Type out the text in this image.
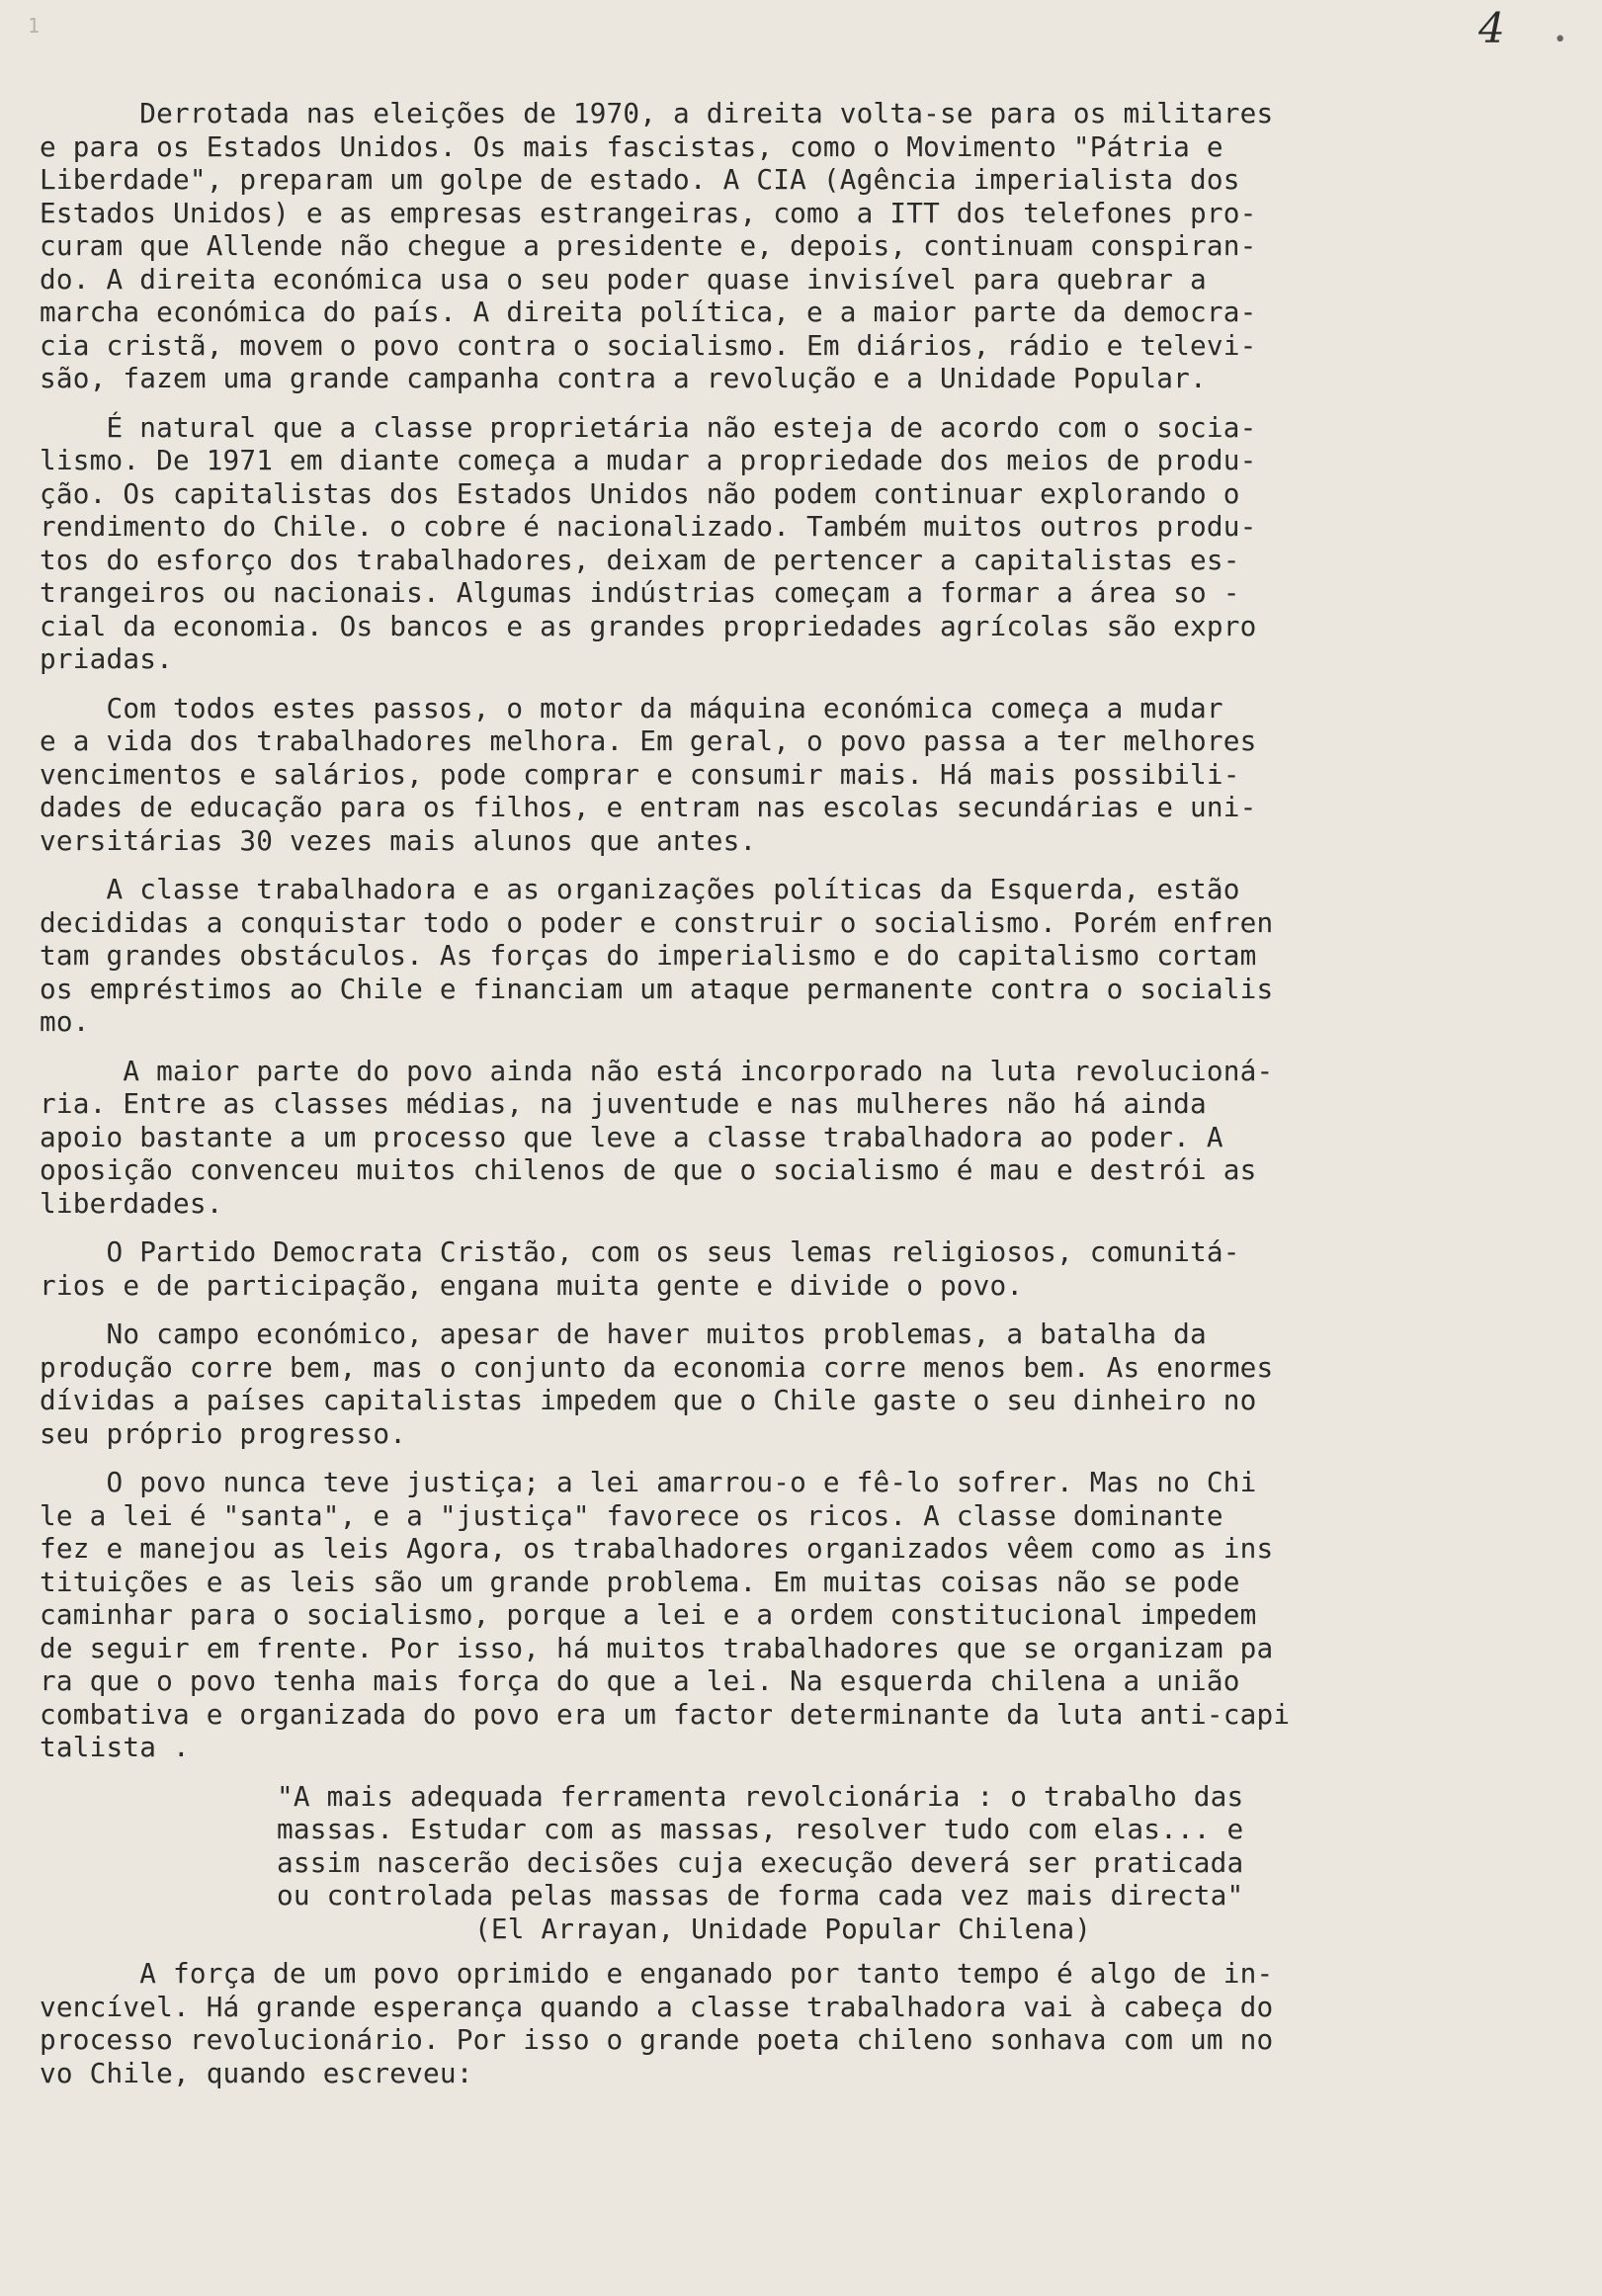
1	4 •
Derrotada nas eleições de 1970, a direita volta-se para os militares
e para os Estados Unidos. Os mais fascistas, como o Movimento "Pátria e
Liberdade", preparam um golpe de estado. A CIA (Agência imperialista dos
Estados Unidos) e as empresas estrangeiras, como a ITT dos telefones pro-
curam que Allende não chegue a presidente e, depois, continuam conspiran-
do. A direita económica usa o seu poder quase invisível para quebrar a
marcha económica do país. A direita política, e a maior parte da democra-
cia cristã, movem o povo contra o socialismo. Em diários, rádio e televi-
são, fazem uma grande campanha contra a revolução e a Unidade Popular.
É natural que a classe proprietária não esteja de acordo com o socia-
lismo. De 1971 em diante começa a mudar a propriedade dos meios de produ-
ção. Os capitalistas dos Estados Unidos não podem continuar explorando o
rendimento do Chile. o cobre é nacionalizado. Também muitos outros produ-
tos do esforço dos trabalhadores, deixam de pertencer a capitalistas es-
trangeiros ou nacionais. Algumas indústrias começam a formar a área so -
cial da economia. Os bancos e as grandes propriedades agrícolas são expro
priadas.
Com todos estes passos, o motor da máquina económica começa a mudar
e a vida dos trabalhadores melhora. Em geral, o povo passa a ter melhores
vencimentos e salários, pode comprar e consumir mais. Há mais possibili-
dades de educação para os filhos, e entram nas escolas secundárias e uni-
versitárias 30 vezes mais alunos que antes.
A classe trabalhadora e as organizações políticas da Esquerda, estão
decididas a conquistar todo o poder e construir o socialismo. Porém enfren
tam grandes obstáculos. As forças do imperialismo e do capitalismo cortam
os empréstimos ao Chile e financiam um ataque permanente contra o socialis
mo.
A maior parte do povo ainda não está incorporado na luta revolucioná-
ria. Entre as classes médias, na juventude e nas mulheres não há ainda
apoio bastante a um processo que leve a classe trabalhadora ao poder. A
oposição convenceu muitos chilenos de que o socialismo é mau e destrói as
liberdades.
O Partido Democrata Cristão, com os seus lemas religiosos, comunitá-
rios e de participação, engana muita gente e divide o povo.
No campo económico, apesar de haver muitos problemas, a batalha da
produção corre bem, mas o conjunto da economia corre menos bem. As enormes
dívidas a países capitalistas impedem que o Chile gaste o seu dinheiro no
seu próprio progresso.
O povo nunca teve justiça; a lei amarrou-o e fê-lo sofrer. Mas no Chi
le a lei é "santa", e a "justiça" favorece os ricos. A classe dominante
fez e manejou as leis Agora, os trabalhadores organizados vêem como as ins
tituições e as leis são um grande problema. Em muitas coisas não se pode
caminhar para o socialismo, porque a lei e a ordem constitucional impedem
de seguir em frente. Por isso, há muitos trabalhadores que se organizam pa
ra que o povo tenha mais força do que a lei. Na esquerda chilena a união
combativa e organizada do povo era um factor determinante da luta anti-capi
talista .
"A mais adequada ferramenta revolcionária : o trabalho das
massas. Estudar com as massas, resolver tudo com elas... e
assim nascerão decisões cuja execução deverá ser praticada
ou controlada pelas massas de forma cada vez mais directa"
(El Arrayan, Unidade Popular Chilena)
A força de um povo oprimido e enganado por tanto tempo é algo de in-
vencível. Há grande esperança quando a classe trabalhadora vai à cabeça do
processo revolucionário. Por isso o grande poeta chileno sonhava com um no
vo Chile, quando escreveu:
